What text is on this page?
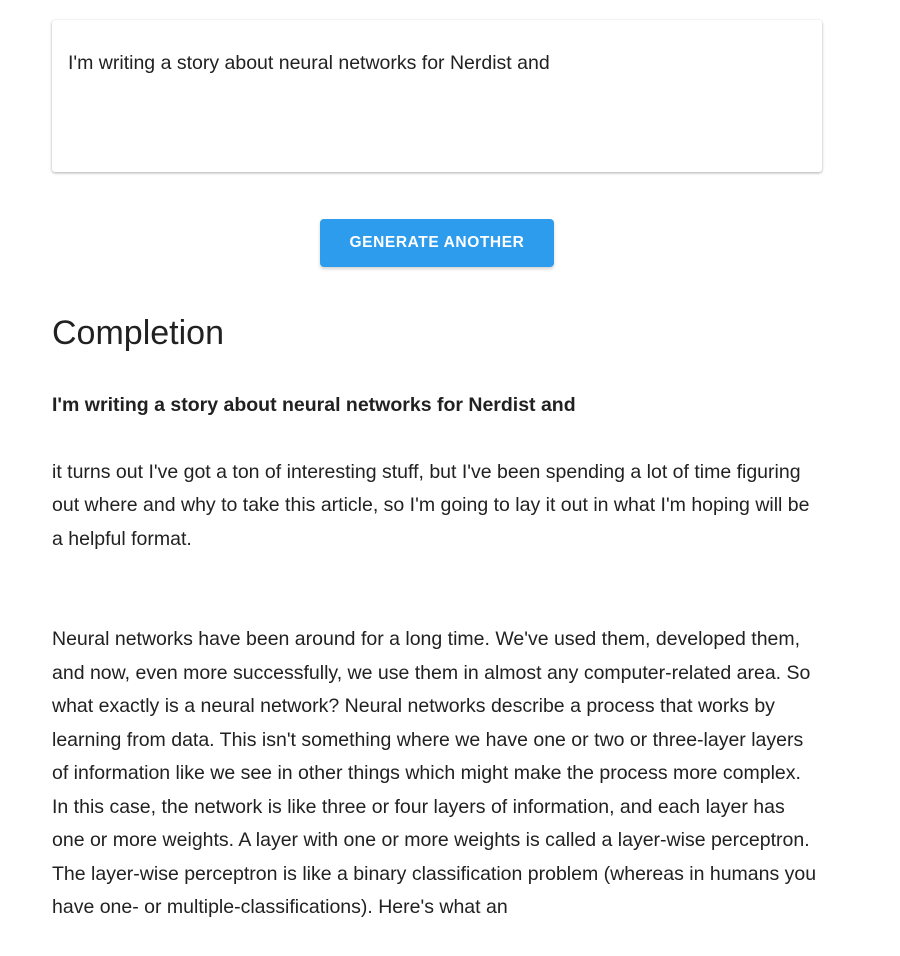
I'm writing a story about neural networks for Nerdist and
GENERATE ANOTHER
Completion

I'm writing a story about neural networks for Nerdist and

it turns out I've got a ton of interesting stuff, but I've been spending a lot of time figuring out where and why to take this article, so I'm going to lay it out in what I'm hoping will be a helpful format.

Neural networks have been around for a long time. We've used them, developed them, and now, even more successfully, we use them in almost any computer-related area. So what exactly is a neural network? Neural networks describe a process that works by learning from data. This isn't something where we have one or two or three-layer layers of information like we see in other things which might make the process more complex. In this case, the network is like three or four layers of information, and each layer has one or more weights. A layer with one or more weights is called a layer-wise perceptron. The layer-wise perceptron is like a binary classification problem (whereas in humans you have one- or multiple-classifications). Here's what an
